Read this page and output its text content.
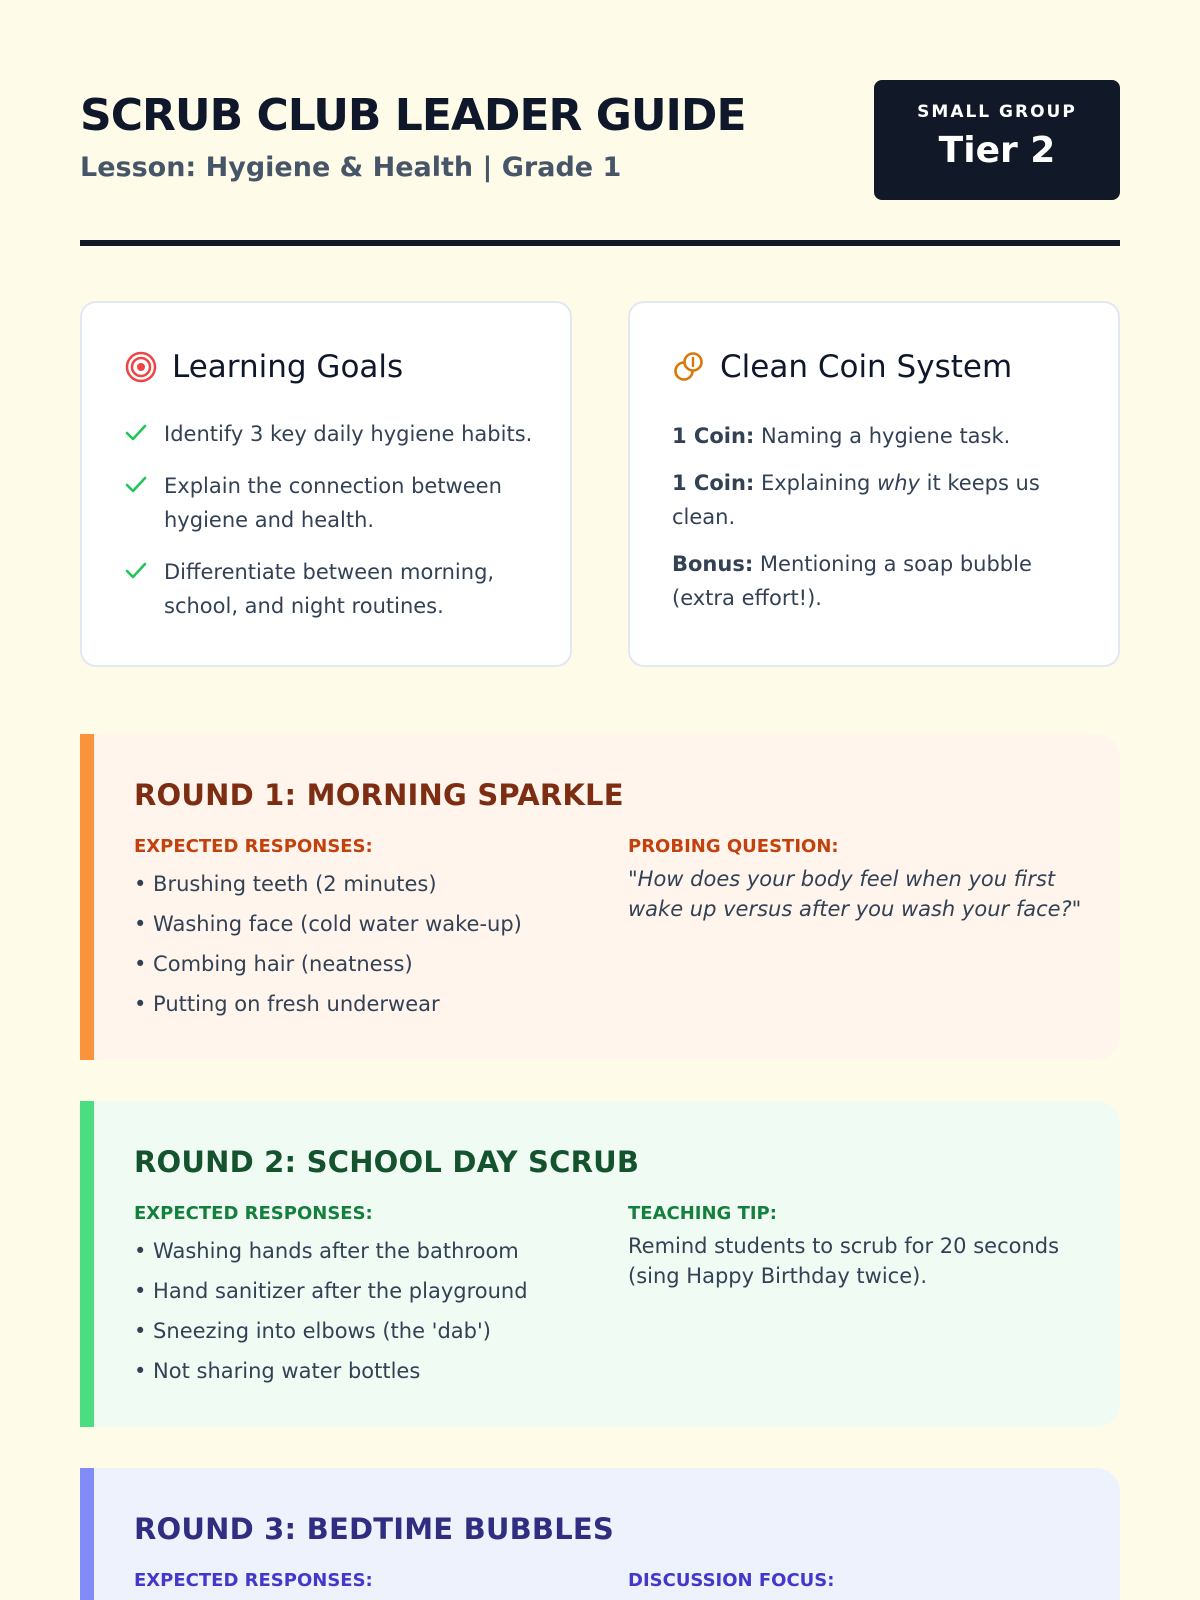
SCRUB CLUB LEADER GUIDE
Lesson: Hygiene & Health | Grade 1
SMALL GROUP
Tier 2
Learning Goals
Identify 3 key daily hygiene habits.
Explain the connection between hygiene and health.
Differentiate between morning, school, and night routines.
Clean Coin System

1 Coin: Naming a hygiene task.

1 Coin: Explaining why it keeps us clean.

Bonus: Mentioning a soap bubble (extra effort!).

ROUND 1: MORNING SPARKLE
EXPECTED RESPONSES:
• Brushing teeth (2 minutes)
• Washing face (cold water wake-up)
• Combing hair (neatness)
• Putting on fresh underwear
PROBING QUESTION:
"How does your body feel when you first wake up versus after you wash your face?"
ROUND 2: SCHOOL DAY SCRUB
EXPECTED RESPONSES:
• Washing hands after the bathroom
• Hand sanitizer after the playground
• Sneezing into elbows (the 'dab')
• Not sharing water bottles
TEACHING TIP:
Remind students to scrub for 20 seconds (sing Happy Birthday twice).
ROUND 3: BEDTIME BUBBLES
EXPECTED RESPONSES:	DISCUSSION FOCUS:
